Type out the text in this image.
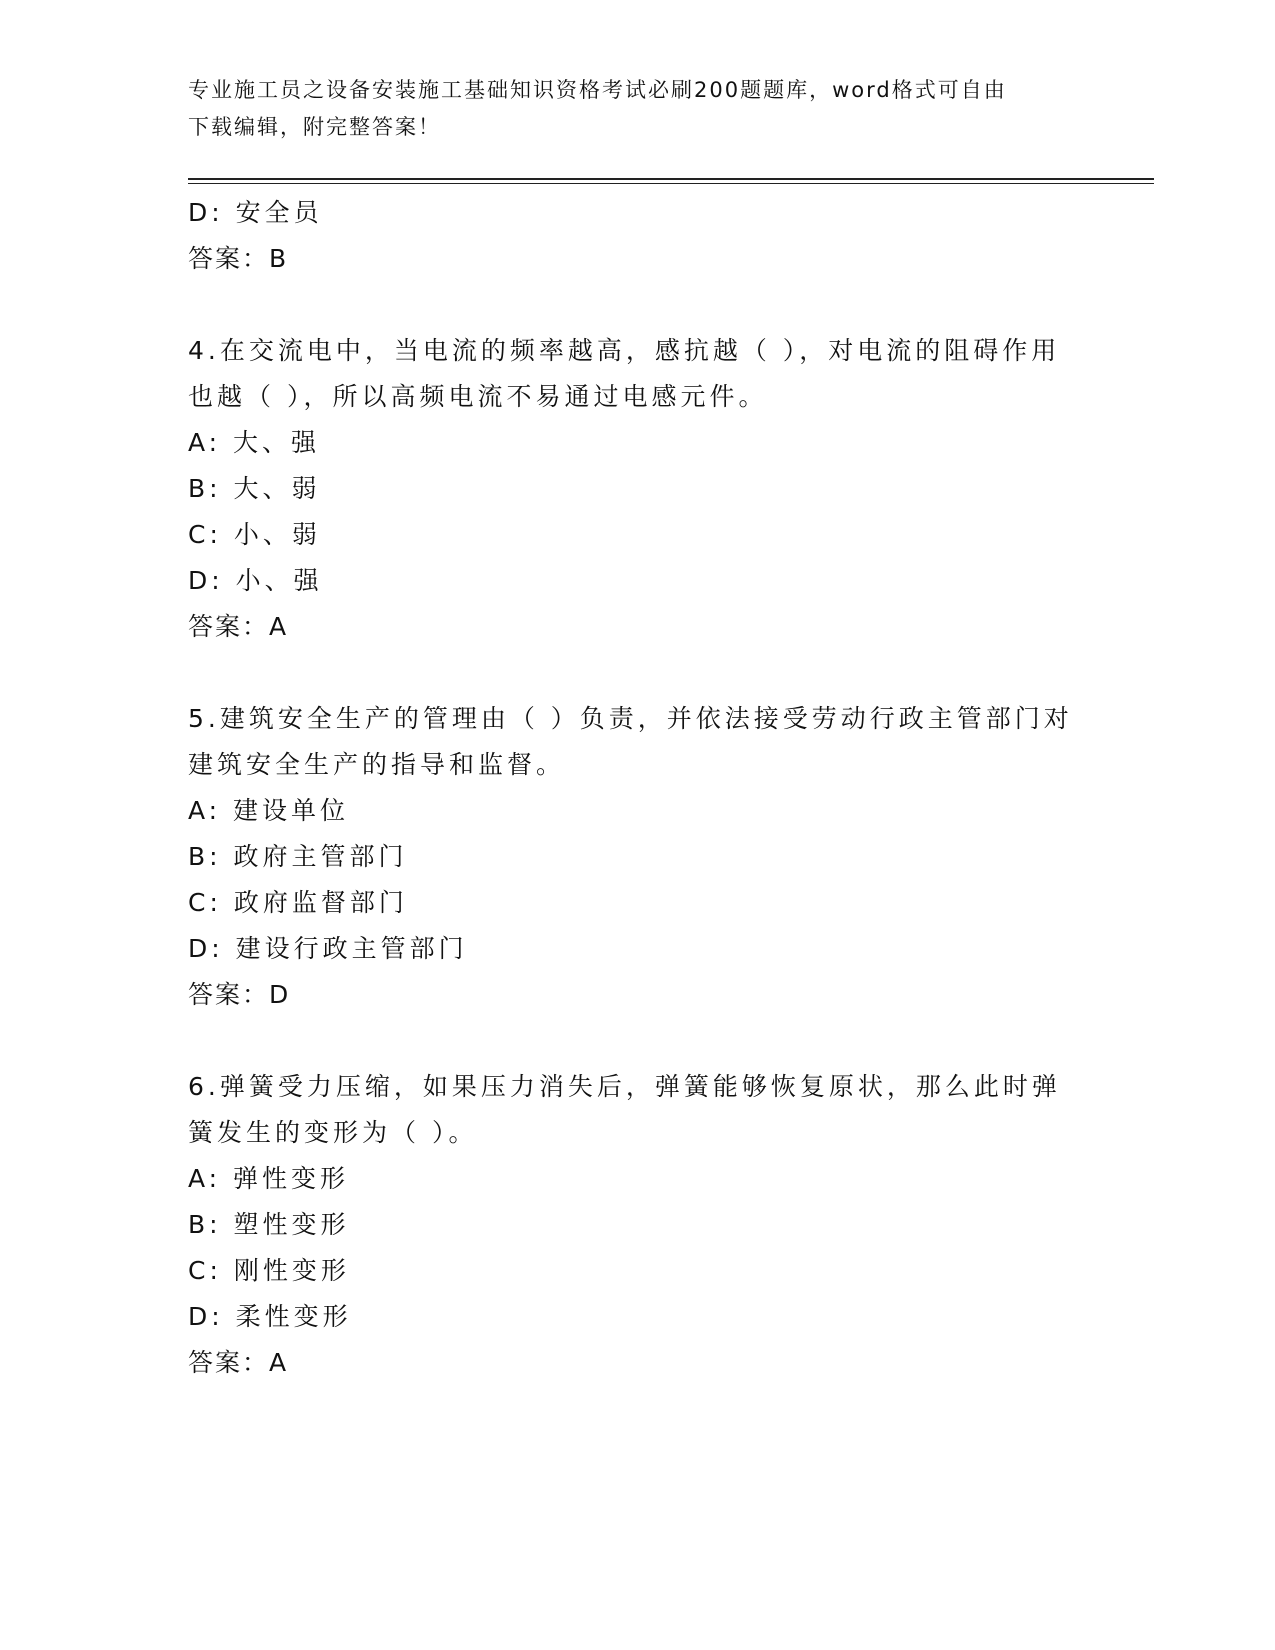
专业施工员之设备安装施工基础知识资格考试必刷200题题库，word格式可自由
下载编辑，附完整答案！
D: 安全员
答案：B
4.在交流电中，当电流的频率越高，感抗越（ ），对电流的阻碍作用
也越（ ），所以高频电流不易通过电感元件。
A: 大、强
B: 大、弱
C: 小、弱
D: 小、强
答案：A
5.建筑安全生产的管理由（ ）负责，并依法接受劳动行政主管部门对
建筑安全生产的指导和监督。
A: 建设单位
B: 政府主管部门
C: 政府监督部门
D: 建设行政主管部门
答案：D
6.弹簧受力压缩，如果压力消失后，弹簧能够恢复原状，那么此时弹
簧发生的变形为（ ）。
A: 弹性变形
B: 塑性变形
C: 刚性变形
D: 柔性变形
答案：A
